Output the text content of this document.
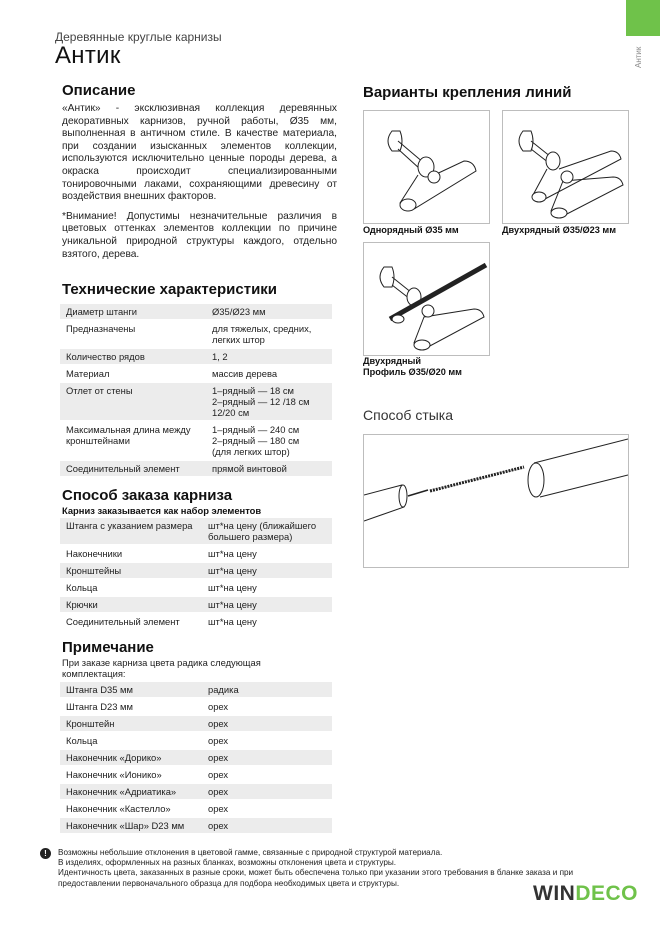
Антик
Деревянные круглые карнизы
Антик
Описание

«Антик» - эксклюзивная коллекция деревянных декоративных карнизов, ручной работы, Ø35 мм, выполненная в античном стиле. В качестве материала, при создании изысканных элементов коллекции, используются исключительно ценные породы дерева, а окраска происходит специализированными тонировочными лаками, сохраняющими древесину от воздействия внешних факторов.

*Внимание! Допустимы незначительные различия в цветовых оттенках элементов коллекции по причине уникальной природной структуры каждого, отдельно взятого, дерева.

Технические характеристики
Диаметр штанги	Ø35/Ø23 мм
Предназначены	для тяжелых, средних, легких штор
Количество рядов	1, 2
Материал	массив дерева
Отлет от стены	1–рядный — 18 см
2–рядный — 12 /18 см
12/20 см
Максимальная длина между кронштейнами	1–рядный — 240 см
2–рядный — 180 см
(для легких штор)
Соединительный элемент	прямой винтовой
Способ заказа карниза
Карниз заказывается как набор элементов
Штанга с указанием размера	шт*на цену (ближайшего большего размера)
Наконечники	шт*на цену
Кронштейны	шт*на цену
Кольца	шт*на цену
Крючки	шт*на цену
Соединительный элемент	шт*на цену
Примечание
При заказе карниза цвета радика следующая комплектация:
Штанга D35 мм	радика
Штанга D23 мм	орех
Кронштейн	орех
Кольца	орех
Наконечник «Дорико»	орех
Наконечник «Ионико»	орех
Наконечник «Адриатика»	орех
Наконечник «Кастелло»	орех
Наконечник «Шар» D23 мм	орех
Варианты крепления линий
Однорядный Ø35 мм	Двухрядный Ø35/Ø23 мм
Двухрядный
Профиль Ø35/Ø20 мм
Способ стыка
!	Возможны небольшие отклонения в цветовой гамме, связанные с природной структурой материала.
В изделиях, оформленных на разных бланках, возможны отклонения цвета и структуры.
Идентичность цвета, заказанных в разные сроки, может быть обеспечена только при указании этого требования в бланке заказа и при предоставлении первоначального образца для подбора необходимых цвета и структуры.	WINDECO
